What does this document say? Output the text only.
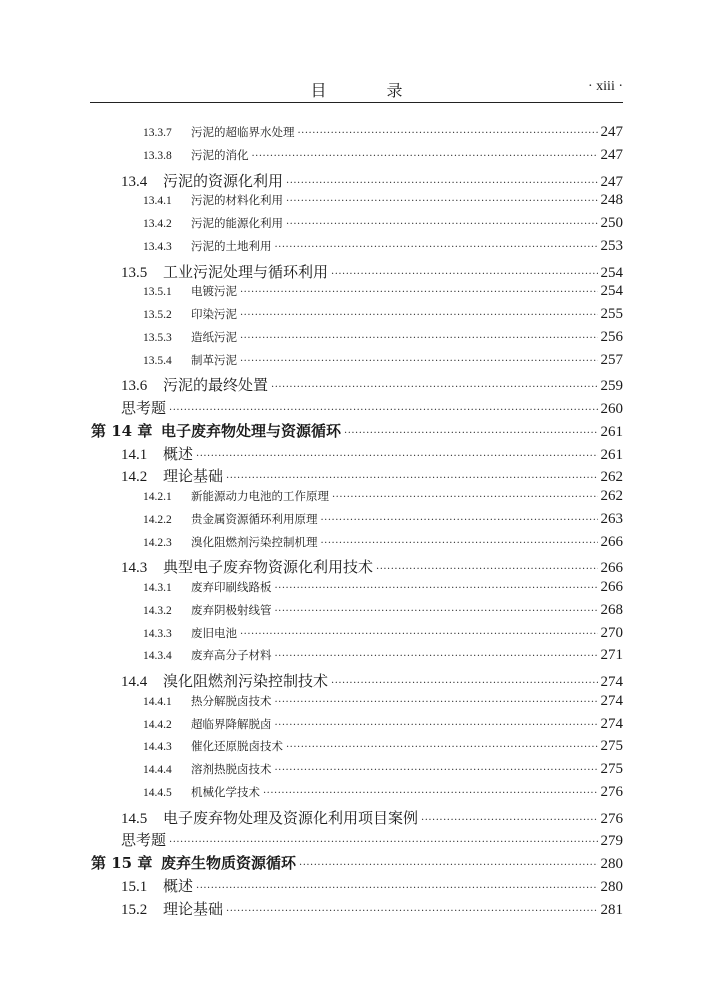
目　录	· xiii ·
13.3.7	污泥的超临界水处理 ·····	247
13.3.8	污泥的消化 ·····	247
13.4	污泥的资源化利用 ·····	247
13.4.1	污泥的材料化利用 ·····	248
13.4.2	污泥的能源化利用 ·····	250
13.4.3	污泥的土地利用 ·····	253
13.5	工业污泥处理与循环利用 ·····	254
13.5.1	电镀污泥 ·····	254
13.5.2	印染污泥 ·····	255
13.5.3	造纸污泥 ·····	256
13.5.4	制革污泥 ·····	257
13.6	污泥的最终处置 ·····	259
思考题 ·····	260
第 14 章 电子废弃物处理与资源循环 ·····	261
14.1	概述 ·····	261
14.2	理论基础 ·····	262
14.2.1	新能源动力电池的工作原理 ·····	262
14.2.2	贵金属资源循环利用原理 ·····	263
14.2.3	溴化阻燃剂污染控制机理 ·····	266
14.3	典型电子废弃物资源化利用技术 ·····	266
14.3.1	废弃印刷线路板 ·····	266
14.3.2	废弃阴极射线管 ·····	268
14.3.3	废旧电池 ·····	270
14.3.4	废弃高分子材料 ·····	271
14.4	溴化阻燃剂污染控制技术 ·····	274
14.4.1	热分解脱卤技术 ·····	274
14.4.2	超临界降解脱卤 ·····	274
14.4.3	催化还原脱卤技术 ·····	275
14.4.4	溶剂热脱卤技术 ·····	275
14.4.5	机械化学技术 ·····	276
14.5	电子废弃物处理及资源化利用项目案例 ·····	276
思考题 ·····	279
第 15 章 废弃生物质资源循环 ·····	280
15.1	概述 ·····	280
15.2	理论基础 ·····	281
